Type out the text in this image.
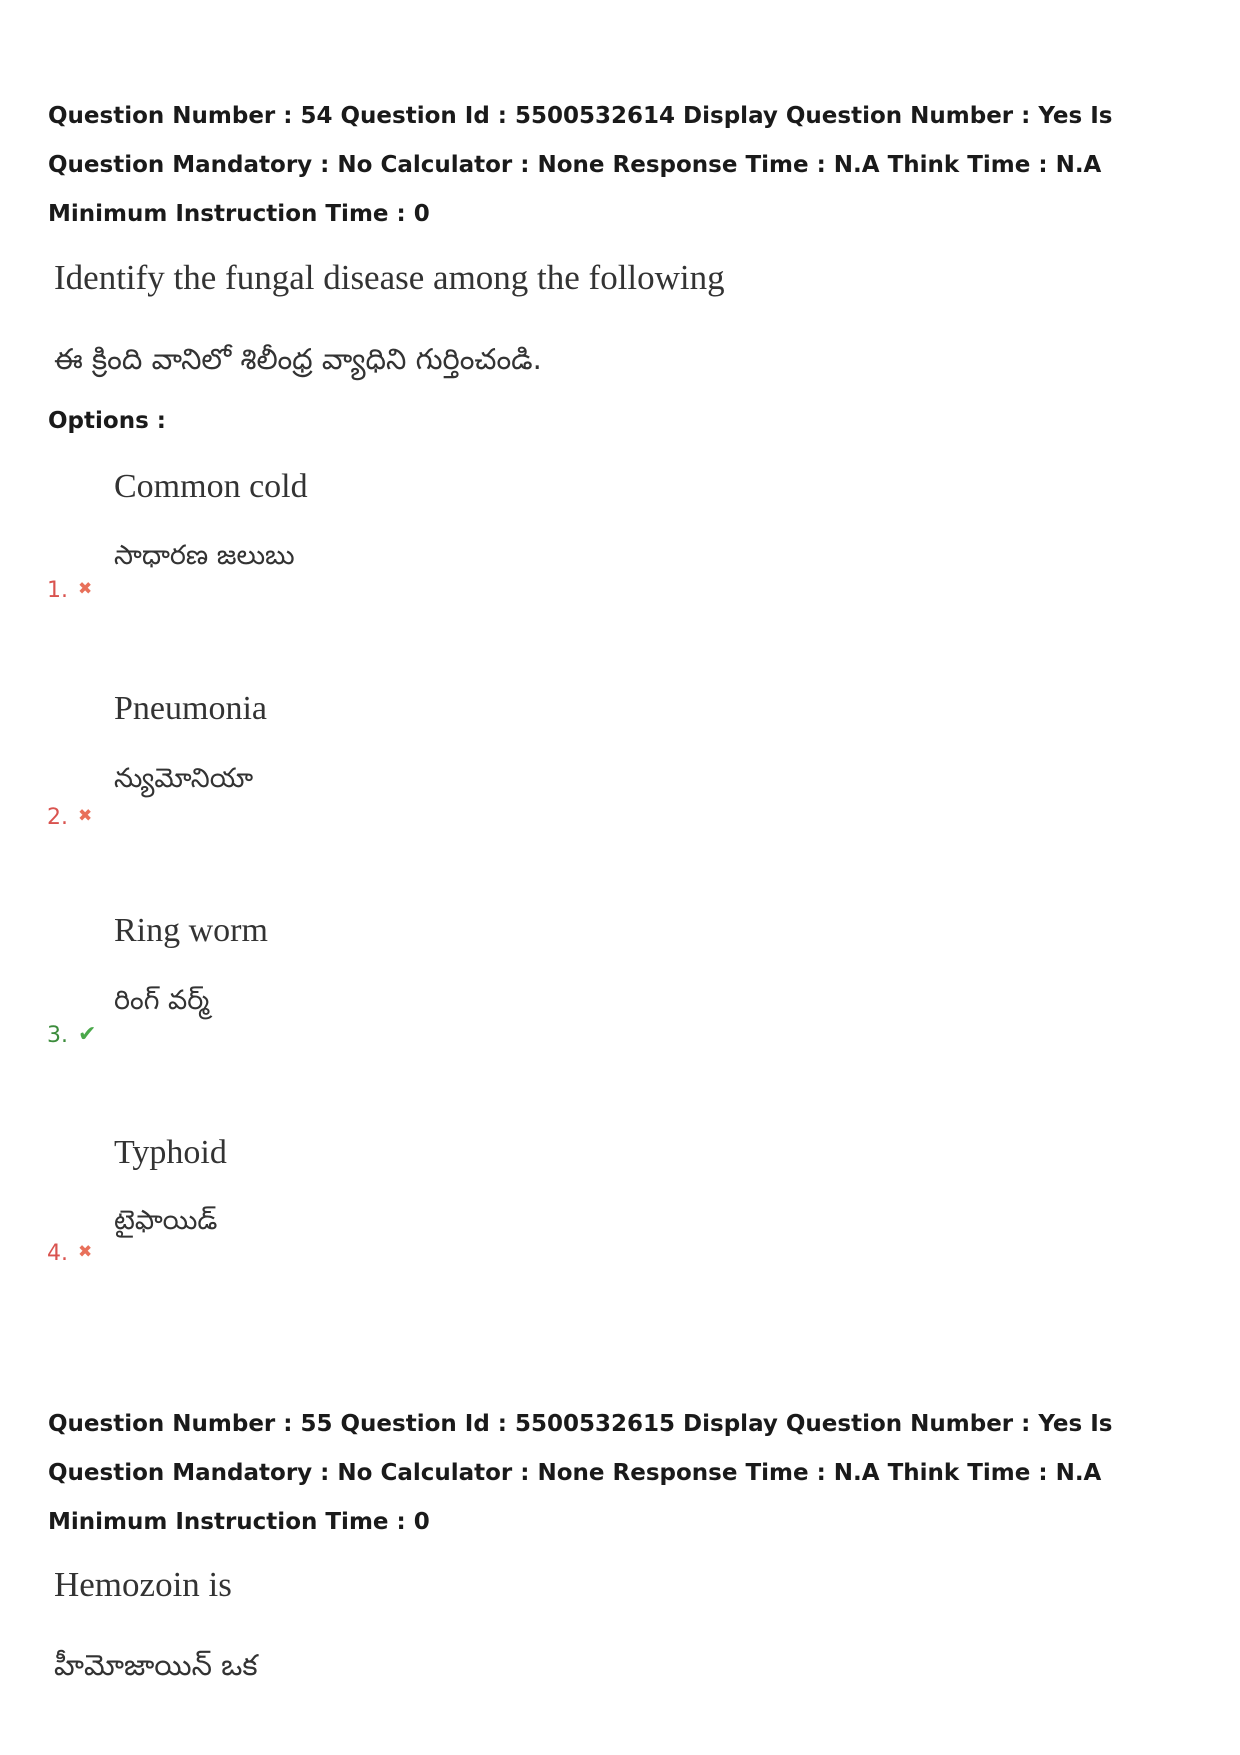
Question Number : 54 Question Id : 5500532614 Display Question Number : Yes Is Question Mandatory : No Calculator : None Response Time : N.A Think Time : N.A Minimum Instruction Time : 0
Identify the fungal disease among the following
ఈ క్రింది వానిలో శిలీంధ్ర వ్యాధిని గుర్తించండి.
Options :
Common cold
సాధారణ జలుబు
1. ✖
Pneumonia
న్యుమోనియా
2. ✖
Ring worm
రింగ్ వర్మ్
3. ✔
Typhoid
టైఫాయిడ్
4. ✖
Question Number : 55 Question Id : 5500532615 Display Question Number : Yes Is Question Mandatory : No Calculator : None Response Time : N.A Think Time : N.A Minimum Instruction Time : 0
Hemozoin is
హీమోజాయిన్ ఒక
